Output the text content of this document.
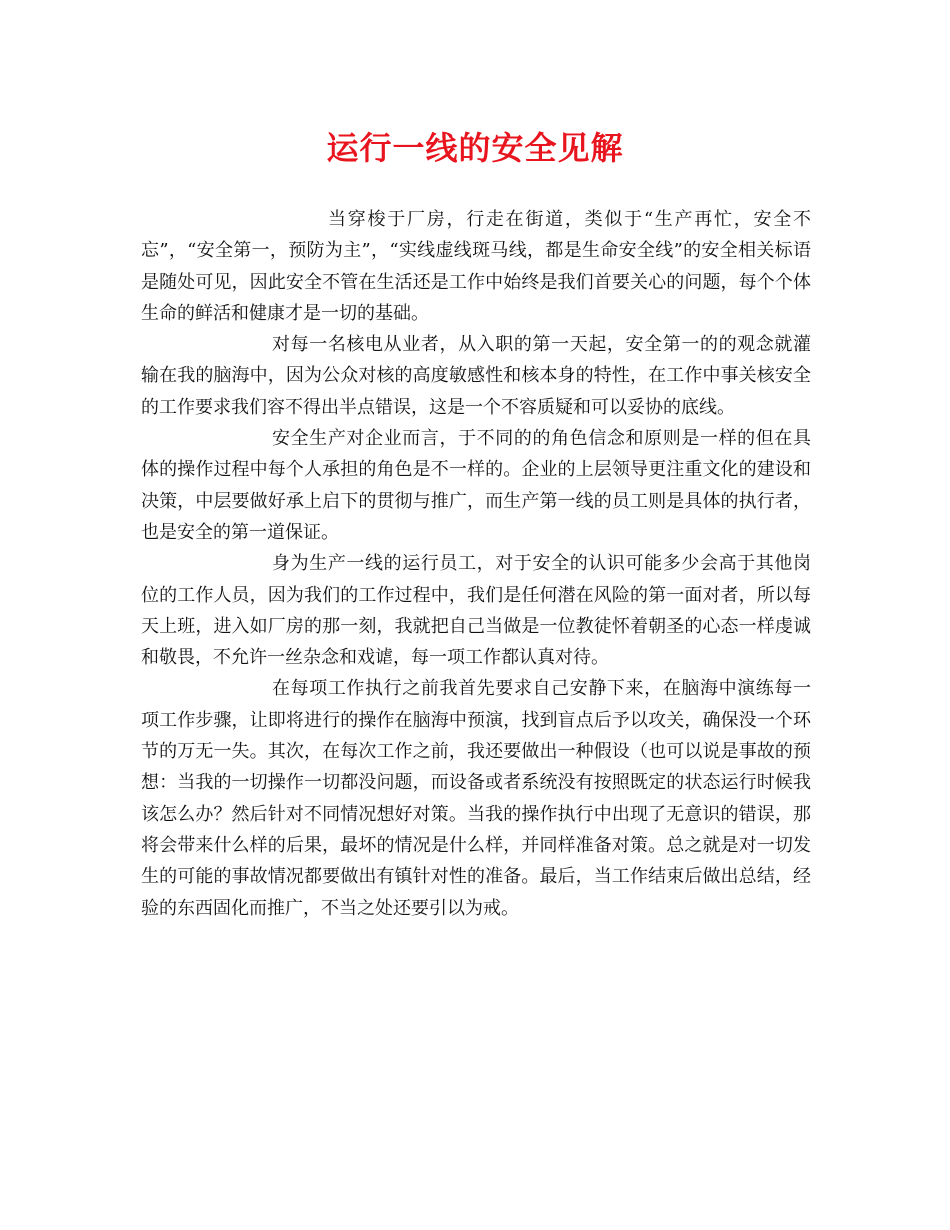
运行一线的安全见解

当穿梭于厂房，行走在街道，类似于“生产再忙，安全不忘”，“安全第一，预防为主”，“实线虚线斑马线，都是生命安全线”的安全相关标语是随处可见，因此安全不管在生活还是工作中始终是我们首要关心的问题，每个个体生命的鲜活和健康才是一切的基础。

对每一名核电从业者，从入职的第一天起，安全第一的的观念就灌输在我的脑海中，因为公众对核的高度敏感性和核本身的特性，在工作中事关核安全的工作要求我们容不得出半点错误，这是一个不容质疑和可以妥协的底线。

安全生产对企业而言，于不同的的角色信念和原则是一样的但在具体的操作过程中每个人承担的角色是不一样的。企业的上层领导更注重文化的建设和决策，中层要做好承上启下的贯彻与推广，而生产第一线的员工则是具体的执行者，也是安全的第一道保证。

身为生产一线的运行员工，对于安全的认识可能多少会高于其他岗位的工作人员，因为我们的工作过程中，我们是任何潜在风险的第一面对者，所以每天上班，进入如厂房的那一刻，我就把自己当做是一位教徒怀着朝圣的心态一样虔诚和敬畏，不允许一丝杂念和戏谑，每一项工作都认真对待。

在每项工作执行之前我首先要求自己安静下来，在脑海中演练每一项工作步骤，让即将进行的操作在脑海中预演，找到盲点后予以攻关，确保没一个环节的万无一失。其次，在每次工作之前，我还要做出一种假设（也可以说是事故的预想：当我的一切操作一切都没问题，而设备或者系统没有按照既定的状态运行时候我该怎么办？然后针对不同情况想好对策。当我的操作执行中出现了无意识的错误，那将会带来什么样的后果，最坏的情况是什么样，并同样准备对策。总之就是对一切发生的可能的事故情况都要做出有镇针对性的准备。最后，当工作结束后做出总结，经验的东西固化而推广，不当之处还要引以为戒。
